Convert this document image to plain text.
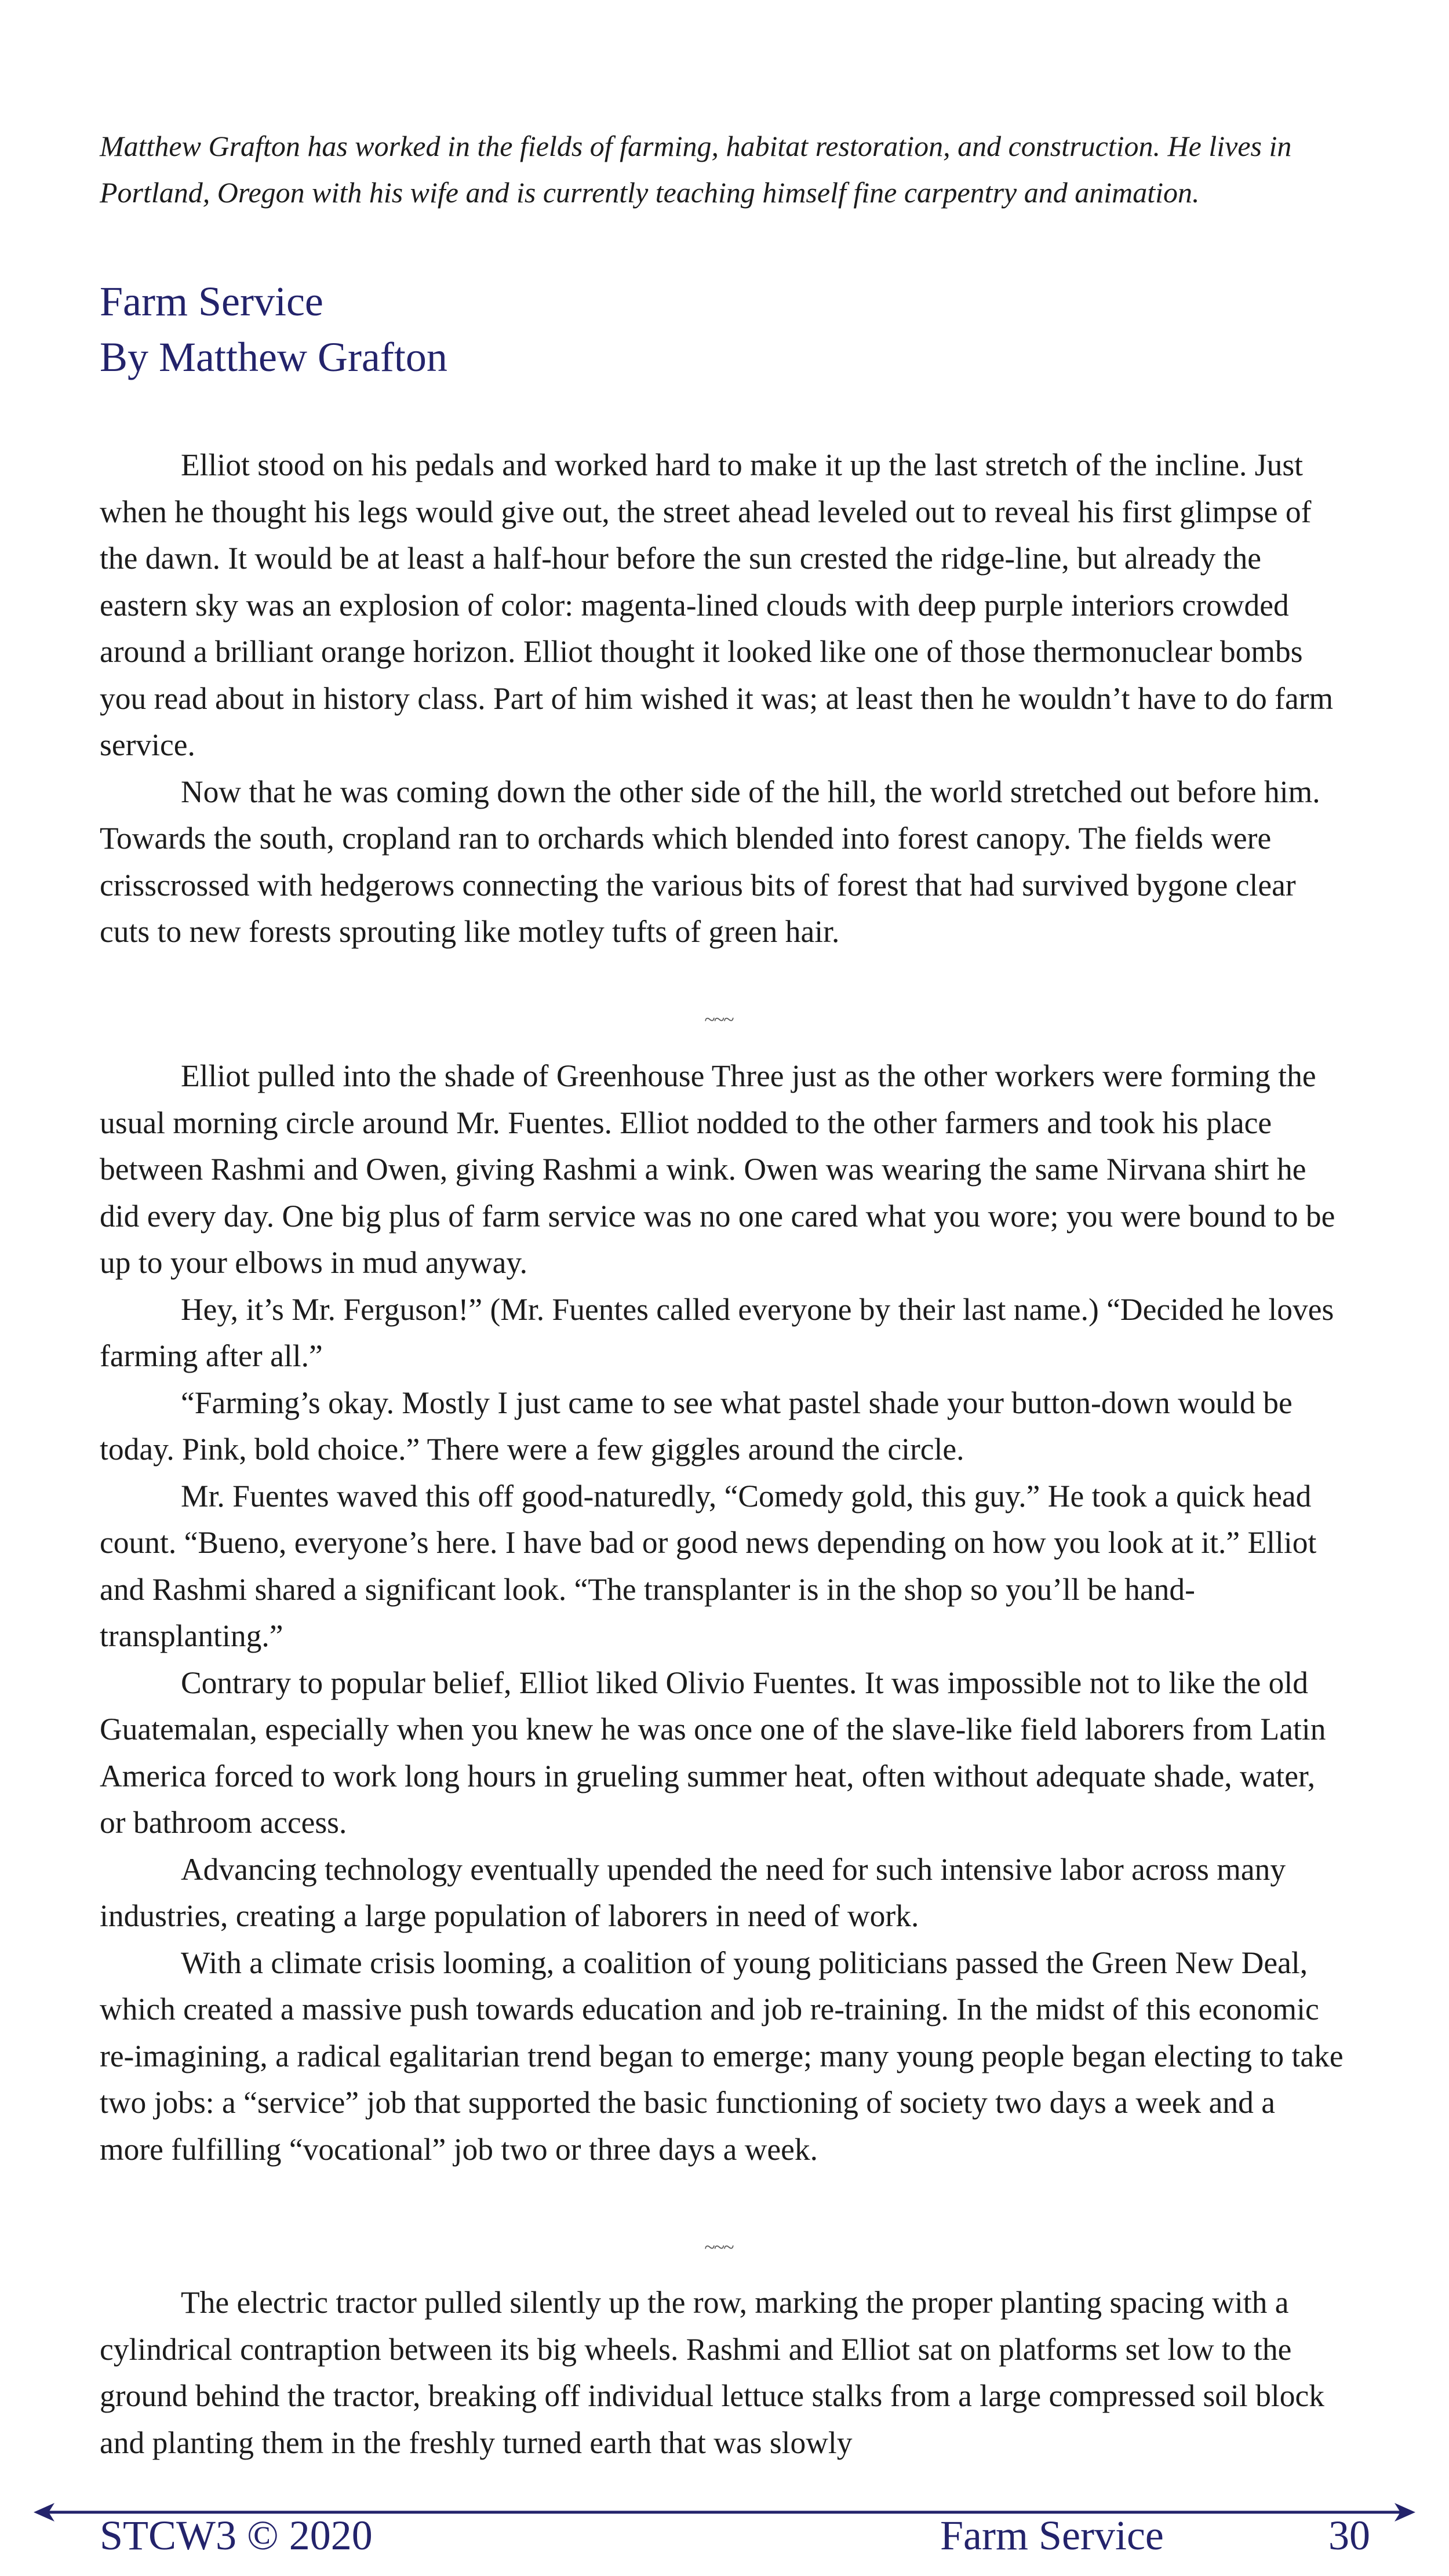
Matthew Grafton has worked in the fields of farming, habitat restoration, and construction. He lives in Portland, Oregon with his wife and is currently teaching himself fine carpentry and animation.
Farm Service
By Matthew Grafton

Elliot stood on his pedals and worked hard to make it up the last stretch of the incline. Just when he thought his legs would give out, the street ahead leveled out to reveal his first glimpse of the dawn. It would be at least a half-hour before the sun crested the ridge-line, but already the eastern sky was an explosion of color: magenta-lined clouds with deep purple interiors crowded around a brilliant orange horizon. Elliot thought it looked like one of those thermonuclear bombs you read about in history class. Part of him wished it was; at least then he wouldn’t have to do farm service.

Now that he was coming down the other side of the hill, the world stretched out before him. Towards the south, cropland ran to orchards which blended into forest canopy. The fields were crisscrossed with hedgerows connecting the various bits of forest that had survived bygone clear cuts to new forests sprouting like motley tufts of green hair.

~~~

Elliot pulled into the shade of Greenhouse Three just as the other workers were forming the usual morning circle around Mr. Fuentes. Elliot nodded to the other farmers and took his place between Rashmi and Owen, giving Rashmi a wink. Owen was wearing the same Nirvana shirt he did every day. One big plus of farm service was no one cared what you wore; you were bound to be up to your elbows in mud anyway.

Hey, it’s Mr. Ferguson!” (Mr. Fuentes called everyone by their last name.) “Decided he loves farming after all.”

“Farming’s okay. Mostly I just came to see what pastel shade your button-down would be today. Pink, bold choice.” There were a few giggles around the circle.

Mr. Fuentes waved this off good-naturedly, “Comedy gold, this guy.” He took a quick head count. “Bueno, everyone’s here. I have bad or good news depending on how you look at it.” Elliot and Rashmi shared a significant look. “The transplanter is in the shop so you’ll be hand-transplanting.”

Contrary to popular belief, Elliot liked Olivio Fuentes. It was impossible not to like the old Guatemalan, especially when you knew he was once one of the slave-like field laborers from Latin America forced to work long hours in grueling summer heat, often without adequate shade, water, or bathroom access.

Advancing technology eventually upended the need for such intensive labor across many industries, creating a large population of laborers in need of work.

With a climate crisis looming, a coalition of young politicians passed the Green New Deal, which created a massive push towards education and job re-training. In the midst of this economic re-imagining, a radical egalitarian trend began to emerge; many young people began electing to take two jobs: a “service” job that supported the basic functioning of society two days a week and a more fulfilling “vocational” job two or three days a week.

~~~

The electric tractor pulled silently up the row, marking the proper planting spacing with a cylindrical contraption between its big wheels. Rashmi and Elliot sat on platforms set low to the ground behind the tractor, breaking off individual lettuce stalks from a large compressed soil block and planting them in the freshly turned earth that was slowly

STCW3 © 2020	Farm Service	30
